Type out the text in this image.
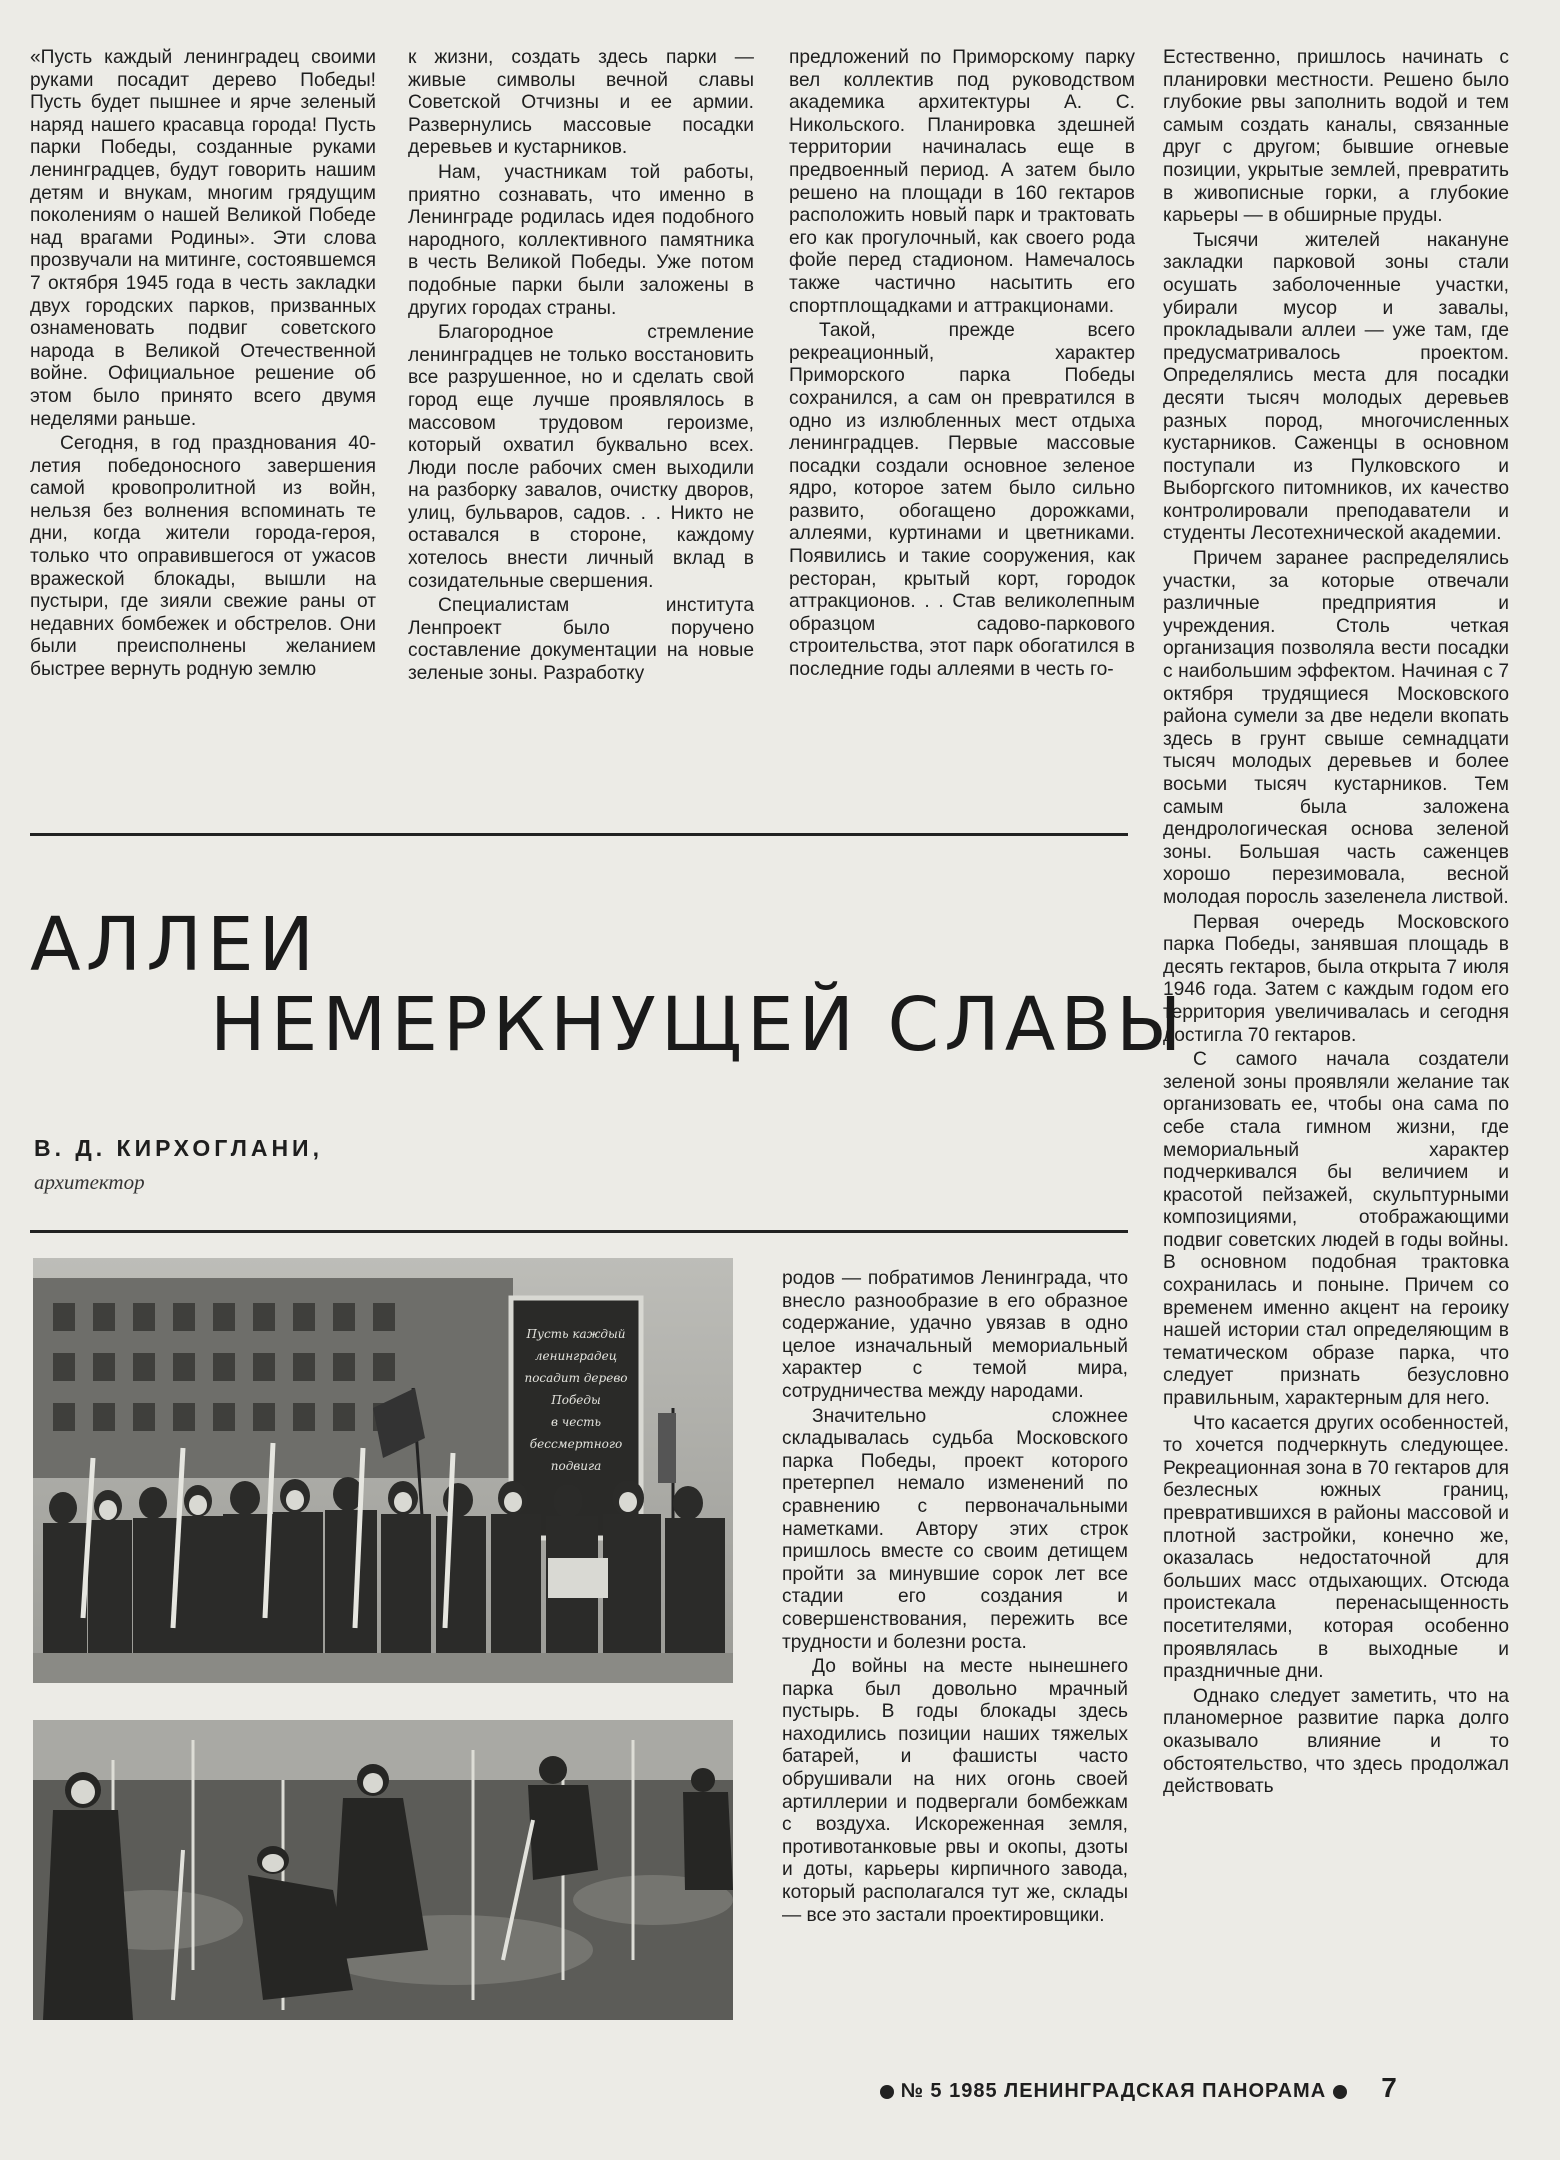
«Пусть каждый ленинградец своими руками посадит дерево Победы! Пусть будет пышнее и ярче зеленый наряд нашего красавца города! Пусть парки Победы, созданные руками ленинградцев, будут говорить нашим детям и внукам, многим грядущим поколениям о нашей Великой Победе над врагами Родины». Эти слова прозвучали на митинге, состоявшемся 7 октября 1945 года в честь закладки двух городских парков, призванных ознаменовать подвиг советского народа в Великой Отечественной войне. Официальное решение об этом было принято всего двумя неделями раньше.

Сегодня, в год празднования 40-летия победоносного завершения самой кровопролитной из войн, нельзя без волнения вспоминать те дни, когда жители города-героя, только что оправившегося от ужасов вражеской блокады, вышли на пустыри, где зияли свежие раны от недавних бомбежек и обстрелов. Они были преисполнены желанием быстрее вернуть родную землю

к жизни, создать здесь парки — живые символы вечной славы Советской Отчизны и ее армии. Развернулись массовые посадки деревьев и кустарников.

Нам, участникам той работы, приятно сознавать, что именно в Ленинграде родилась идея подобного народного, коллективного памятника в честь Великой Победы. Уже потом подобные парки были заложены в других городах страны.

Благородное стремление ленинградцев не только восстановить все разрушенное, но и сделать свой город еще лучше проявлялось в массовом трудовом героизме, который охватил буквально всех. Люди после рабочих смен выходили на разборку завалов, очистку дворов, улиц, бульваров, садов. . . Никто не оставался в стороне, каждому хотелось внести личный вклад в созидательные свершения.

Специалистам института Ленпроект было поручено составление документации на новые зеленые зоны. Разработку

предложений по Приморскому парку вел коллектив под руководством академика архитектуры А. С. Никольского. Планировка здешней территории начиналась еще в предвоенный период. А затем было решено на площади в 160 гектаров расположить новый парк и трактовать его как прогулочный, как своего рода фойе перед стадионом. Намечалось также частично насытить его спортплощадками и аттракционами.

Такой, прежде всего рекреационный, характер Приморского парка Победы сохранился, а сам он превратился в одно из излюбленных мест отдыха ленинградцев. Первые массовые посадки создали основное зеленое ядро, которое затем было сильно развито, обогащено дорожками, аллеями, куртинами и цветниками. Появились и такие сооружения, как ресторан, крытый корт, городок аттракционов. . . Став великолепным образцом садово-паркового строительства, этот парк обогатился в последние годы аллеями в честь го-

Естественно, пришлось начинать с планировки местности. Решено было глубокие рвы заполнить водой и тем самым создать каналы, связанные друг с другом; бывшие огневые позиции, укрытые землей, превратить в живописные горки, а глубокие карьеры — в обширные пруды.

Тысячи жителей накануне закладки парковой зоны стали осушать заболоченные участки, убирали мусор и завалы, прокладывали аллеи — уже там, где предусматривалось проектом. Определялись места для посадки десяти тысяч молодых деревьев разных пород, многочисленных кустарников. Саженцы в основном поступали из Пулковского и Выборгского питомников, их качество контролировали преподаватели и студенты Лесотехнической академии.

Причем заранее распределялись участки, за которые отвечали различные предприятия и учреждения. Столь четкая организация позволяла вести посадки с наибольшим эффектом. Начиная с 7 октября трудящиеся Московского района сумели за две недели вкопать здесь в грунт свыше семнадцати тысяч молодых деревьев и более восьми тысяч кустарников. Тем самым была заложена дендрологическая основа зеленой зоны. Большая часть саженцев хорошо перезимовала, весной молодая поросль зазеленела листвой.

Первая очередь Московского парка Победы, занявшая площадь в десять гектаров, была открыта 7 июля 1946 года. Затем с каждым годом его территория увеличивалась и сегодня достигла 70 гектаров.

С самого начала создатели зеленой зоны проявляли желание так организовать ее, чтобы она сама по себе стала гимном жизни, где мемориальный характер подчеркивался бы величием и красотой пейзажей, скульптурными композициями, отображающими подвиг советских людей в годы войны. В основном подобная трактовка сохранилась и поныне. Причем со временем именно акцент на героику нашей истории стал определяющим в тематическом образе парка, что следует признать безусловно правильным, характерным для него.

Что касается других особенностей, то хочется подчеркнуть следующее. Рекреационная зона в 70 гектаров для безлесных южных границ, превратившихся в районы массовой и плотной застройки, конечно же, оказалась недостаточной для больших масс отдыхающих. Отсюда проистекала перенасыщенность посетителями, которая особенно проявлялась в выходные и праздничные дни.

Однако следует заметить, что на планомерное развитие парка долго оказывало влияние и то обстоятельство, что здесь продолжал действовать

АЛЛЕИ
НЕМЕРКНУЩЕЙ СЛАВЫ
В. Д. КИРХОГЛАНИ,
архитектор
Пусть каждый
ленинградец
посадит дерево
Победы
в честь
бессмертного
подвига

родов — побратимов Ленинграда, что внесло разнообразие в его образное содержание, удачно увязав в одно целое изначальный мемориальный характер с темой мира, сотрудничества между народами.

Значительно сложнее складывалась судьба Московского парка Победы, проект которого претерпел немало изменений по сравнению с первоначальными наметками. Автору этих строк пришлось вместе со своим детищем пройти за минувшие сорок лет все стадии его создания и совершенствования, пережить все трудности и болезни роста.

До войны на месте нынешнего парка был довольно мрачный пустырь. В годы блокады здесь находились позиции наших тяжелых батарей, и фашисты часто обрушивали на них огонь своей артиллерии и подвергали бомбежкам с воздуха. Искореженная земля, противотанковые рвы и окопы, дзоты и доты, карьеры кирпичного завода, который располагался тут же, склады — все это застали проектировщики.

№ 5 1985 ЛЕНИНГРАДСКАЯ ПАНОРАМА 7
